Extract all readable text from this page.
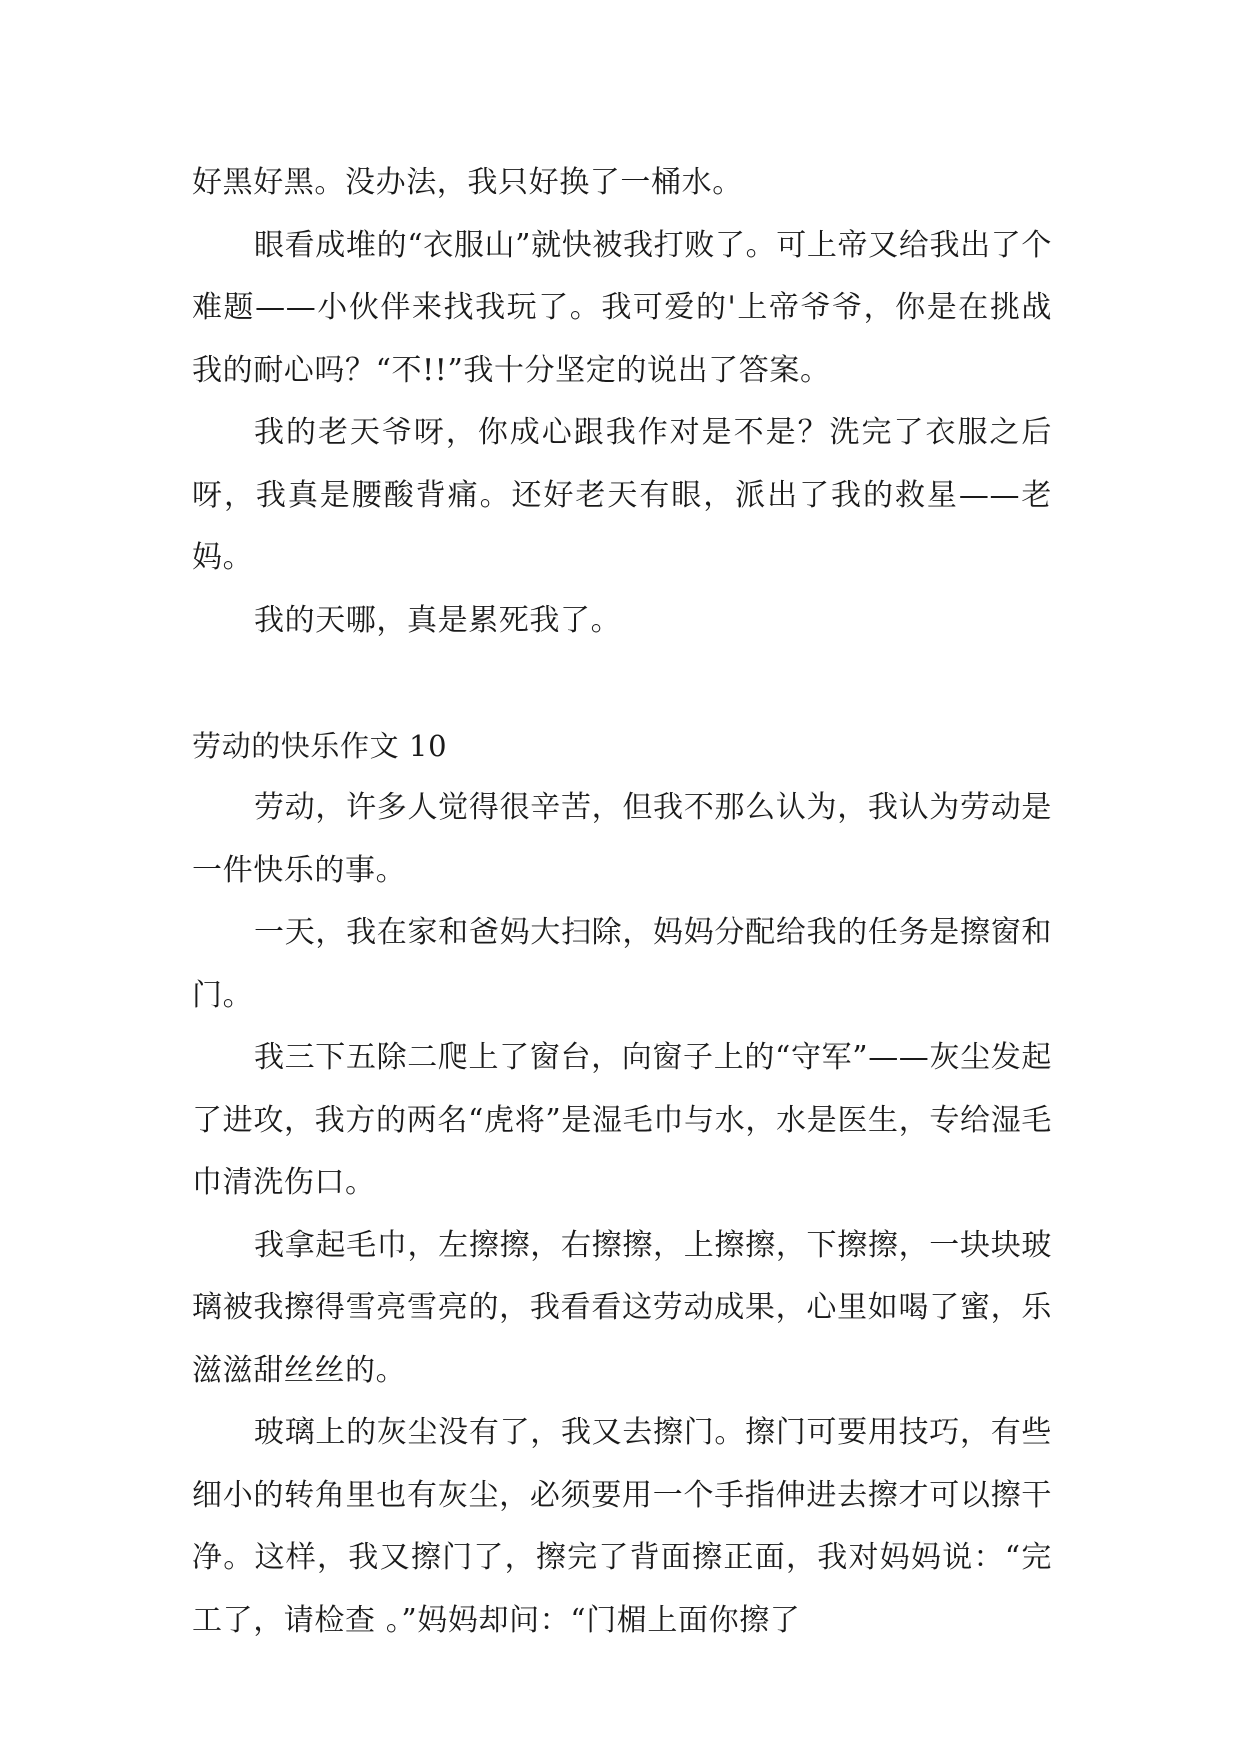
好黑好黑。没办法，我只好换了一桶水。

眼看成堆的“衣服山”就快被我打败了。可上帝又给我出了个难题——小伙伴来找我玩了。我可爱的'上帝爷爷，你是在挑战我的耐心吗？“不!!”我十分坚定的说出了答案。

我的老天爷呀，你成心跟我作对是不是？洗完了衣服之后呀，我真是腰酸背痛。还好老天有眼，派出了我的救星——老妈。

我的天哪，真是累死我了。

劳动的快乐作文 10

劳动，许多人觉得很辛苦，但我不那么认为，我认为劳动是一件快乐的事。

一天，我在家和爸妈大扫除，妈妈分配给我的任务是擦窗和门。

我三下五除二爬上了窗台，向窗子上的“守军”——灰尘发起了进攻，我方的两名“虎将”是湿毛巾与水，水是医生，专给湿毛巾清洗伤口。

我拿起毛巾，左擦擦，右擦擦，上擦擦，下擦擦，一块块玻璃被我擦得雪亮雪亮的，我看看这劳动成果，心里如喝了蜜，乐滋滋甜丝丝的。

玻璃上的灰尘没有了，我又去擦门。擦门可要用技巧，有些细小的转角里也有灰尘，必须要用一个手指伸进去擦才可以擦干净。这样，我又擦门了，擦完了背面擦正面，我对妈妈说：“完工了，请检查 。”妈妈却问：“门楣上面你擦了
